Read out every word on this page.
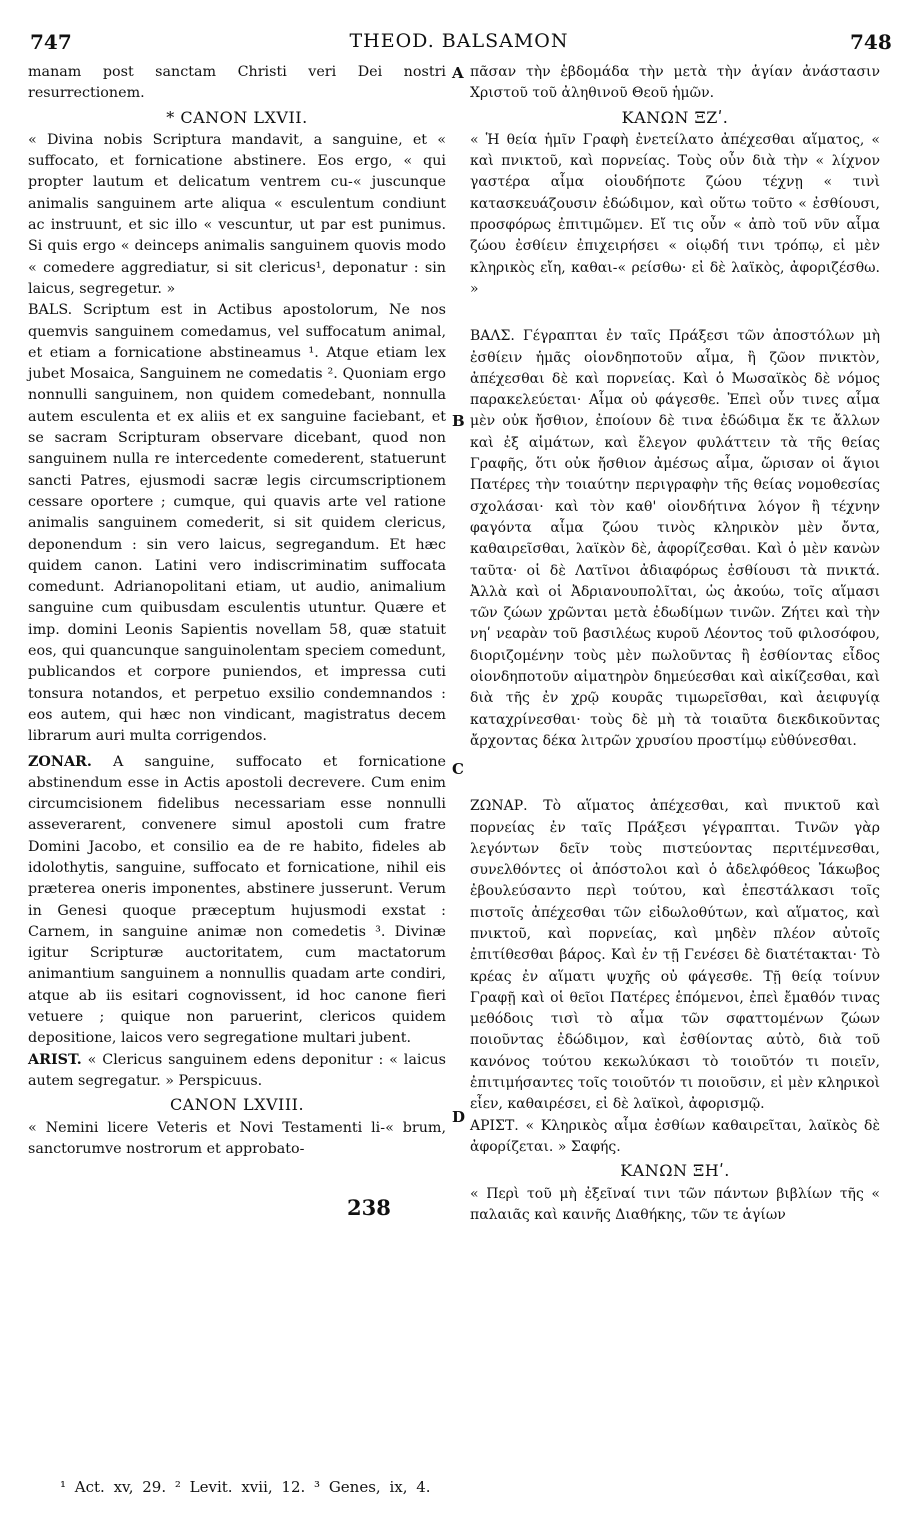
747	THEOD. BALSAMON	748
A
B
C
D

manam post sanctam Christi veri Dei nostri resurrectionem.

* CANON LXVII.

« Divina nobis Scriptura mandavit, a sanguine, et « suffocato, et fornicatione abstinere. Eos ergo, « qui propter lautum et delicatum ventrem cu-« juscunque animalis sanguinem arte aliqua « esculentum condiunt ac instruunt, et sic illo « vescuntur, ut par est punimus. Si quis ergo « deinceps animalis sanguinem quovis modo « comedere aggrediatur, si sit clericus¹, deponatur : sin laicus, segregetur. »

BALS. Scriptum est in Actibus apostolorum, Ne nos quemvis sanguinem comedamus, vel suffocatum animal, et etiam a fornicatione abstineamus ¹. Atque etiam lex jubet Mosaica, Sanguinem ne comedatis ². Quoniam ergo nonnulli sanguinem, non quidem comedebant, nonnulla autem esculenta et ex aliis et ex sanguine faciebant, et se sacram Scripturam observare dicebant, quod non sanguinem nulla re intercedente comederent, statuerunt sancti Patres, ejusmodi sacræ legis circumscriptionem cessare oportere ; cumque, qui quavis arte vel ratione animalis sanguinem comederit, si sit quidem clericus, deponendum : sin vero laicus, segregandum. Et hæc quidem canon. Latini vero indiscriminatim suffocata comedunt. Adrianopolitani etiam, ut audio, animalium sanguine cum quibusdam esculentis utuntur. Quære et imp. domini Leonis Sapientis novellam 58, quæ statuit eos, qui quancunque sanguinolentam speciem comedunt, publicandos et corpore puniendos, et impressa cuti tonsura notandos, et perpetuo exsilio condemnandos : eos autem, qui hæc non vindicant, magistratus decem librarum auri multa corrigendos.

ZONAR. A sanguine, suffocato et fornicatione abstinendum esse in Actis apostoli decrevere. Cum enim circumcisionem fidelibus necessariam esse nonnulli asseverarent, convenere simul apostoli cum fratre Domini Jacobo, et consilio ea de re habito, fideles ab idolothytis, sanguine, suffocato et fornicatione, nihil eis præterea oneris imponentes, abstinere jusserunt. Verum in Genesi quoque præceptum hujusmodi exstat : Carnem, in sanguine animæ non comedetis ³. Divinæ igitur Scripturæ auctoritatem, cum mactatorum animantium sanguinem a nonnullis quadam arte condiri, atque ab iis esitari cognovissent, id hoc canone fieri vetuere ; quique non paruerint, clericos quidem depositione, laicos vero segregatione multari jubent.

ARIST. « Clericus sanguinem edens deponitur : « laicus autem segregatur. » Perspicuus.

CANON LXVIII.

« Nemini licere Veteris et Novi Testamenti li-« brum, sanctorumve nostrorum et approbato-

238

πᾶσαν τὴν ἑβδομάδα τὴν μετὰ τὴν ἁγίαν ἀνάστασιν Χριστοῦ τοῦ ἀληθινοῦ Θεοῦ ἡμῶν.

ΚΑΝΩΝ ΞΖʹ.

« Ἡ θεία ἡμῖν Γραφὴ ἐνετείλατο ἀπέχεσθαι αἵματος, « καὶ πνικτοῦ, καὶ πορνείας. Τοὺς οὖν διὰ τὴν « λίχνον γαστέρα αἷμα οἱουδήποτε ζώου τέχνῃ « τινὶ κατασκευάζουσιν ἐδώδιμον, καὶ οὕτω τοῦτο « ἐσθίουσι, προσφόρως ἐπιτιμῶμεν. Εἴ τις οὖν « ἀπὸ τοῦ νῦν αἷμα ζώου ἐσθίειν ἐπιχειρήσει « οἱῳδή τινι τρόπῳ, εἰ μὲν κληρικὸς εἴη, καθαι-« ρείσθω· εἰ δὲ λαϊκὸς, ἀφοριζέσθω. »

ΒΑΛΣ. Γέγραπται ἐν ταῖς Πράξεσι τῶν ἀποστόλων μὴ ἐσθίειν ἡμᾶς οἱονδηποτοῦν αἷμα, ἢ ζῶον πνικτὸν, ἀπέχεσθαι δὲ καὶ πορνείας. Καὶ ὁ Μωσαϊκὸς δὲ νόμος παρακελεύεται· Αἷμα οὐ φάγεσθε. Ἐπεὶ οὖν τινες αἷμα μὲν οὐκ ἤσθιον, ἐποίουν δὲ τινα ἐδώδιμα ἔκ τε ἄλλων καὶ ἐξ αἱμάτων, καὶ ἔλεγον φυλάττειν τὰ τῆς θείας Γραφῆς, ὅτι οὐκ ἤσθιον ἀμέσως αἷμα, ὥρισαν οἱ ἅγιοι Πατέρες τὴν τοιαύτην περιγραφὴν τῆς θείας νομοθεσίας σχολάσαι· καὶ τὸν καθ' οἱονδήτινα λόγον ἢ τέχνην φαγόντα αἷμα ζώου τινὸς κληρικὸν μὲν ὄντα, καθαιρεῖσθαι, λαϊκὸν δὲ, ἀφορίζεσθαι. Καὶ ὁ μὲν κανὼν ταῦτα· οἱ δὲ Λατῖνοι ἀδιαφόρως ἐσθίουσι τὰ πνικτά. Ἀλλὰ καὶ οἱ Ἀδριανουπολῖται, ὡς ἀκούω, τοῖς αἵμασι τῶν ζώων χρῶνται μετὰ ἐδωδίμων τινῶν. Ζήτει καὶ τὴν νηʹ νεαρὰν τοῦ βασιλέως κυροῦ Λέοντος τοῦ φιλοσόφου, διοριζομένην τοὺς μὲν πωλοῦντας ἢ ἐσθίοντας εἶδος οἱονδηποτοῦν αἱματηρὸν δημεύεσθαι καὶ αἰκίζεσθαι, καὶ διὰ τῆς ἐν χρῷ κουρᾶς τιμωρεῖσθαι, καὶ ἀειφυγίᾳ καταχρίνεσθαι· τοὺς δὲ μὴ τὰ τοιαῦτα διεκδικοῦντας ἄρχοντας δέκα λιτρῶν χρυσίου προστίμῳ εὐθύνεσθαι.

ΖΩΝΑΡ. Τὸ αἵματος ἀπέχεσθαι, καὶ πνικτοῦ καὶ πορνείας ἐν ταῖς Πράξεσι γέγραπται. Τινῶν γὰρ λεγόντων δεῖν τοὺς πιστεύοντας περιτέμνεσθαι, συνελθόντες οἱ ἀπόστολοι καὶ ὁ ἀδελφόθεος Ἰάκωβος ἐβουλεύσαντο περὶ τούτου, καὶ ἐπεστάλκασι τοῖς πιστοῖς ἀπέχεσθαι τῶν εἰδωλοθύτων, καὶ αἵματος, καὶ πνικτοῦ, καὶ πορνείας, καὶ μηδὲν πλέον αὐτοῖς ἐπιτίθεσθαι βάρος. Καὶ ἐν τῇ Γενέσει δὲ διατέτακται· Τὸ κρέας ἐν αἵματι ψυχῆς οὐ φάγεσθε. Τῇ θείᾳ τοίνυν Γραφῇ καὶ οἱ θεῖοι Πατέρες ἑπόμενοι, ἐπεὶ ἔμαθόν τινας μεθόδοις τισὶ τὸ αἷμα τῶν σφαττομένων ζώων ποιοῦντας ἐδώδιμον, καὶ ἐσθίοντας αὐτὸ, διὰ τοῦ κανόνος τούτου κεκωλύκασι τὸ τοιοῦτόν τι ποιεῖν, ἐπιτιμήσαντες τοῖς τοιοῦτόν τι ποιοῦσιν, εἰ μὲν κληρικοὶ εἶεν, καθαιρέσει, εἰ δὲ λαϊκοὶ, ἀφορισμῷ.

ΑΡΙΣΤ. « Κληρικὸς αἷμα ἐσθίων καθαιρεῖται, λαϊκὸς δὲ ἀφορίζεται. » Σαφής.

ΚΑΝΩΝ ΞΗʹ.

« Περὶ τοῦ μὴ ἐξεῖναί τινι τῶν πάντων βιβλίων τῆς « παλαιᾶς καὶ καινῆς Διαθήκης, τῶν τε ἁγίων

¹ Act. xv, 29. ² Levit. xvii, 12. ³ Genes, ix, 4.
